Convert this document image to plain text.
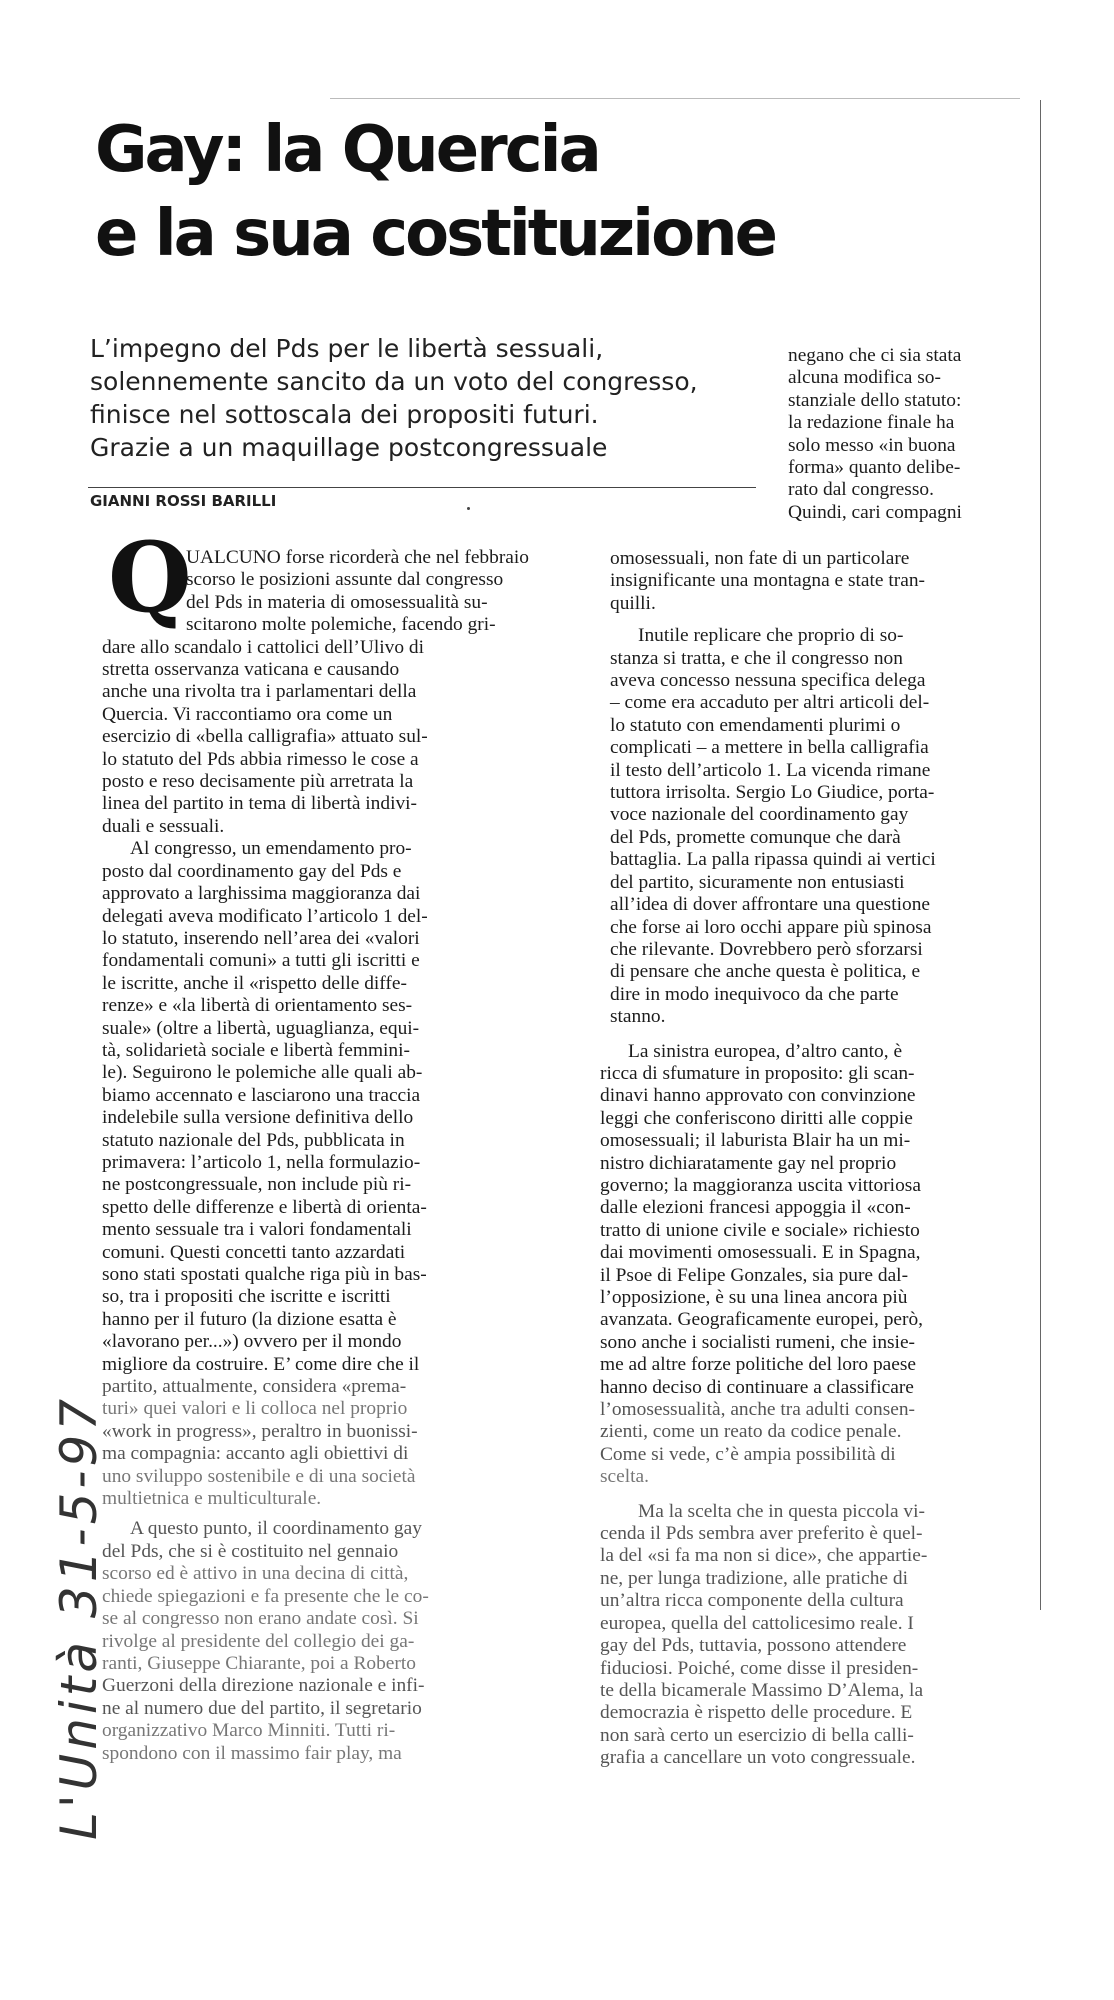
Gay: la Quercia
e la sua costituzione
L’impegno del Pds per le libertà sessuali,
solennemente sancito da un voto del congresso,
finisce nel sottoscala dei propositi futuri.
Grazie a un maquillage postcongressuale
GIANNI ROSSI BARILLI
negano che ci sia stata
alcuna modifica so-
stanziale dello statuto:
la redazione finale ha
solo messo «in buona
forma» quanto delibe-
rato dal congresso.
Quindi, cari compagni
Q
UALCUNO forse ricorderà che nel febbraio
scorso le posizioni assunte dal congresso
del Pds in materia di omosessualità su-
scitarono molte polemiche, facendo gri-
dare allo scandalo i cattolici dell’Ulivo di
stretta osservanza vaticana e causando
anche una rivolta tra i parlamentari della
Quercia. Vi raccontiamo ora come un
esercizio di «bella calligrafia» attuato sul-
lo statuto del Pds abbia rimesso le cose a
posto e reso decisamente più arretrata la
linea del partito in tema di libertà indivi-
duali e sessuali.
Al congresso, un emendamento pro-
posto dal coordinamento gay del Pds e
approvato a larghissima maggioranza dai
delegati aveva modificato l’articolo 1 del-
lo statuto, inserendo nell’area dei «valori
fondamentali comuni» a tutti gli iscritti e
le iscritte, anche il «rispetto delle diffe-
renze» e «la libertà di orientamento ses-
suale» (oltre a libertà, uguaglianza, equi-
tà, solidarietà sociale e libertà femmini-
le). Seguirono le polemiche alle quali ab-
biamo accennato e lasciarono una traccia
indelebile sulla versione definitiva dello
statuto nazionale del Pds, pubblicata in
primavera: l’articolo 1, nella formulazio-
ne postcongressuale, non include più ri-
spetto delle differenze e libertà di orienta-
mento sessuale tra i valori fondamentali
comuni. Questi concetti tanto azzardati
sono stati spostati qualche riga più in bas-
so, tra i propositi che iscritte e iscritti
hanno per il futuro (la dizione esatta è
«lavorano per...») ovvero per il mondo
migliore da costruire. E’ come dire che il
partito, attualmente, considera «prema-
turi» quei valori e li colloca nel proprio
«work in progress», peraltro in buonissi-
ma compagnia: accanto agli obiettivi di
uno sviluppo sostenibile e di una società
multietnica e multiculturale.
A questo punto, il coordinamento gay
del Pds, che si è costituito nel gennaio
scorso ed è attivo in una decina di città,
chiede spiegazioni e fa presente che le co-
se al congresso non erano andate così. Si
rivolge al presidente del collegio dei ga-
ranti, Giuseppe Chiarante, poi a Roberto
Guerzoni della direzione nazionale e infi-
ne al numero due del partito, il segretario
organizzativo Marco Minniti. Tutti ri-
spondono con il massimo fair play, ma
omosessuali, non fate di un particolare
insignificante una montagna e state tran-
quilli.
Inutile replicare che proprio di so-
stanza si tratta, e che il congresso non
aveva concesso nessuna specifica delega
– come era accaduto per altri articoli del-
lo statuto con emendamenti plurimi o
complicati – a mettere in bella calligrafia
il testo dell’articolo 1. La vicenda rimane
tuttora irrisolta. Sergio Lo Giudice, porta-
voce nazionale del coordinamento gay
del Pds, promette comunque che darà
battaglia. La palla ripassa quindi ai vertici
del partito, sicuramente non entusiasti
all’idea di dover affrontare una questione
che forse ai loro occhi appare più spinosa
che rilevante. Dovrebbero però sforzarsi
di pensare che anche questa è politica, e
dire in modo inequivoco da che parte
stanno.
La sinistra europea, d’altro canto, è
ricca di sfumature in proposito: gli scan-
dinavi hanno approvato con convinzione
leggi che conferiscono diritti alle coppie
omosessuali; il laburista Blair ha un mi-
nistro dichiaratamente gay nel proprio
governo; la maggioranza uscita vittoriosa
dalle elezioni francesi appoggia il «con-
tratto di unione civile e sociale» richiesto
dai movimenti omosessuali. E in Spagna,
il Psoe di Felipe Gonzales, sia pure dal-
l’opposizione, è su una linea ancora più
avanzata. Geograficamente europei, però,
sono anche i socialisti rumeni, che insie-
me ad altre forze politiche del loro paese
hanno deciso di continuare a classificare
l’omosessualità, anche tra adulti consen-
zienti, come un reato da codice penale.
Come si vede, c’è ampia possibilità di
scelta.
Ma la scelta che in questa piccola vi-
cenda il Pds sembra aver preferito è quel-
la del «si fa ma non si dice», che appartie-
ne, per lunga tradizione, alle pratiche di
un’altra ricca componente della cultura
europea, quella del cattolicesimo reale. I
gay del Pds, tuttavia, possono attendere
fiduciosi. Poiché, come disse il presiden-
te della bicamerale Massimo D’Alema, la
democrazia è rispetto delle procedure. E
non sarà certo un esercizio di bella calli-
grafia a cancellare un voto congressuale.
L'Unità 31-5-97
